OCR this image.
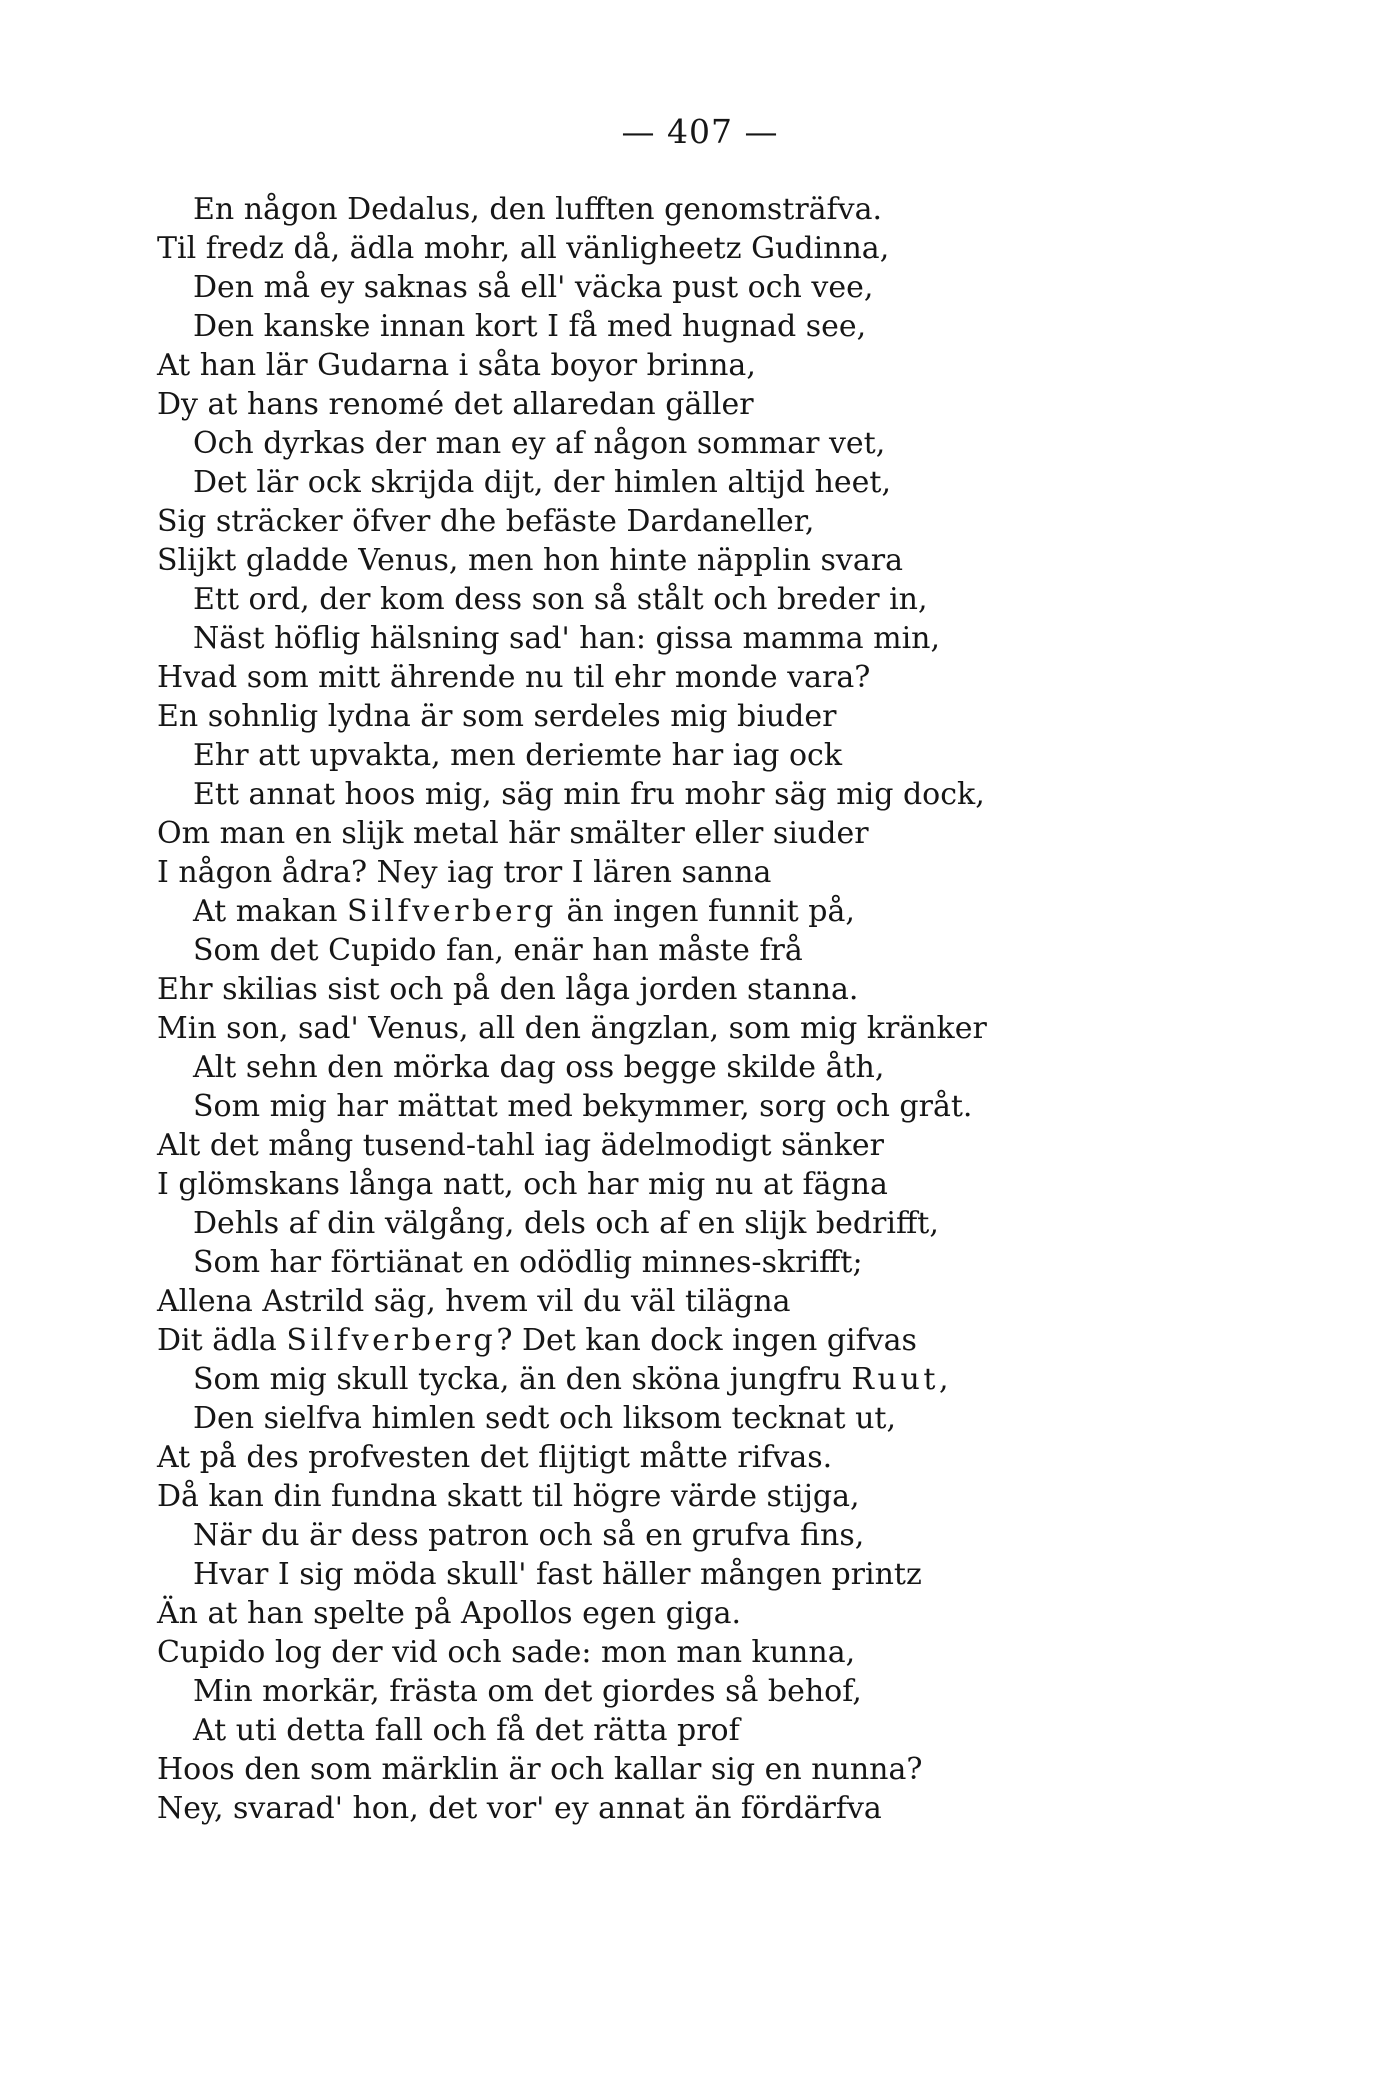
— 407 —
En någon Dedalus, den lufften genomsträfva.
Til fredz då, ädla mohr, all vänligheetz Gudinna,
Den må ey saknas så ell' väcka pust och vee,
Den kanske innan kort I få med hugnad see,
At han lär Gudarna i såta boyor brinna,
Dy at hans renomé det allaredan gäller
Och dyrkas der man ey af någon sommar vet,
Det lär ock skrijda dijt, der himlen altijd heet,
Sig sträcker öfver dhe befäste Dardaneller,
Slijkt gladde Venus, men hon hinte näpplin svara
Ett ord, der kom dess son så stålt och breder in,
Näst höflig hälsning sad' han: gissa mamma min,
Hvad som mitt ährende nu til ehr monde vara?
En sohnlig lydna är som serdeles mig biuder
Ehr att upvakta, men deriemte har iag ock
Ett annat hoos mig, säg min fru mohr säg mig dock,
Om man en slijk metal här smälter eller siuder
I någon ådra? Ney iag tror I lären sanna
At makan Silfverberg än ingen funnit på,
Som det Cupido fan, enär han måste frå
Ehr skilias sist och på den låga jorden stanna.
Min son, sad' Venus, all den ängzlan, som mig kränker
Alt sehn den mörka dag oss begge skilde åth,
Som mig har mättat med bekymmer, sorg och gråt.
Alt det mång tusend-tahl iag ädelmodigt sänker
I glömskans långa natt, och har mig nu at fägna
Dehls af din välgång, dels och af en slijk bedrifft,
Som har förtiänat en odödlig minnes-skrifft;
Allena Astrild säg, hvem vil du väl tilägna
Dit ädla Silfverberg? Det kan dock ingen gifvas
Som mig skull tycka, än den sköna jungfru Ruut,
Den sielfva himlen sedt och liksom tecknat ut,
At på des profvesten det flijtigt måtte rifvas.
Då kan din fundna skatt til högre värde stijga,
När du är dess patron och så en grufva fins,
Hvar I sig möda skull' fast häller mången printz
Än at han spelte på Apollos egen giga.
Cupido log der vid och sade: mon man kunna,
Min morkär, frästa om det giordes så behof,
At uti detta fall och få det rätta prof
Hoos den som märklin är och kallar sig en nunna?
Ney, svarad' hon, det vor' ey annat än fördärfva
